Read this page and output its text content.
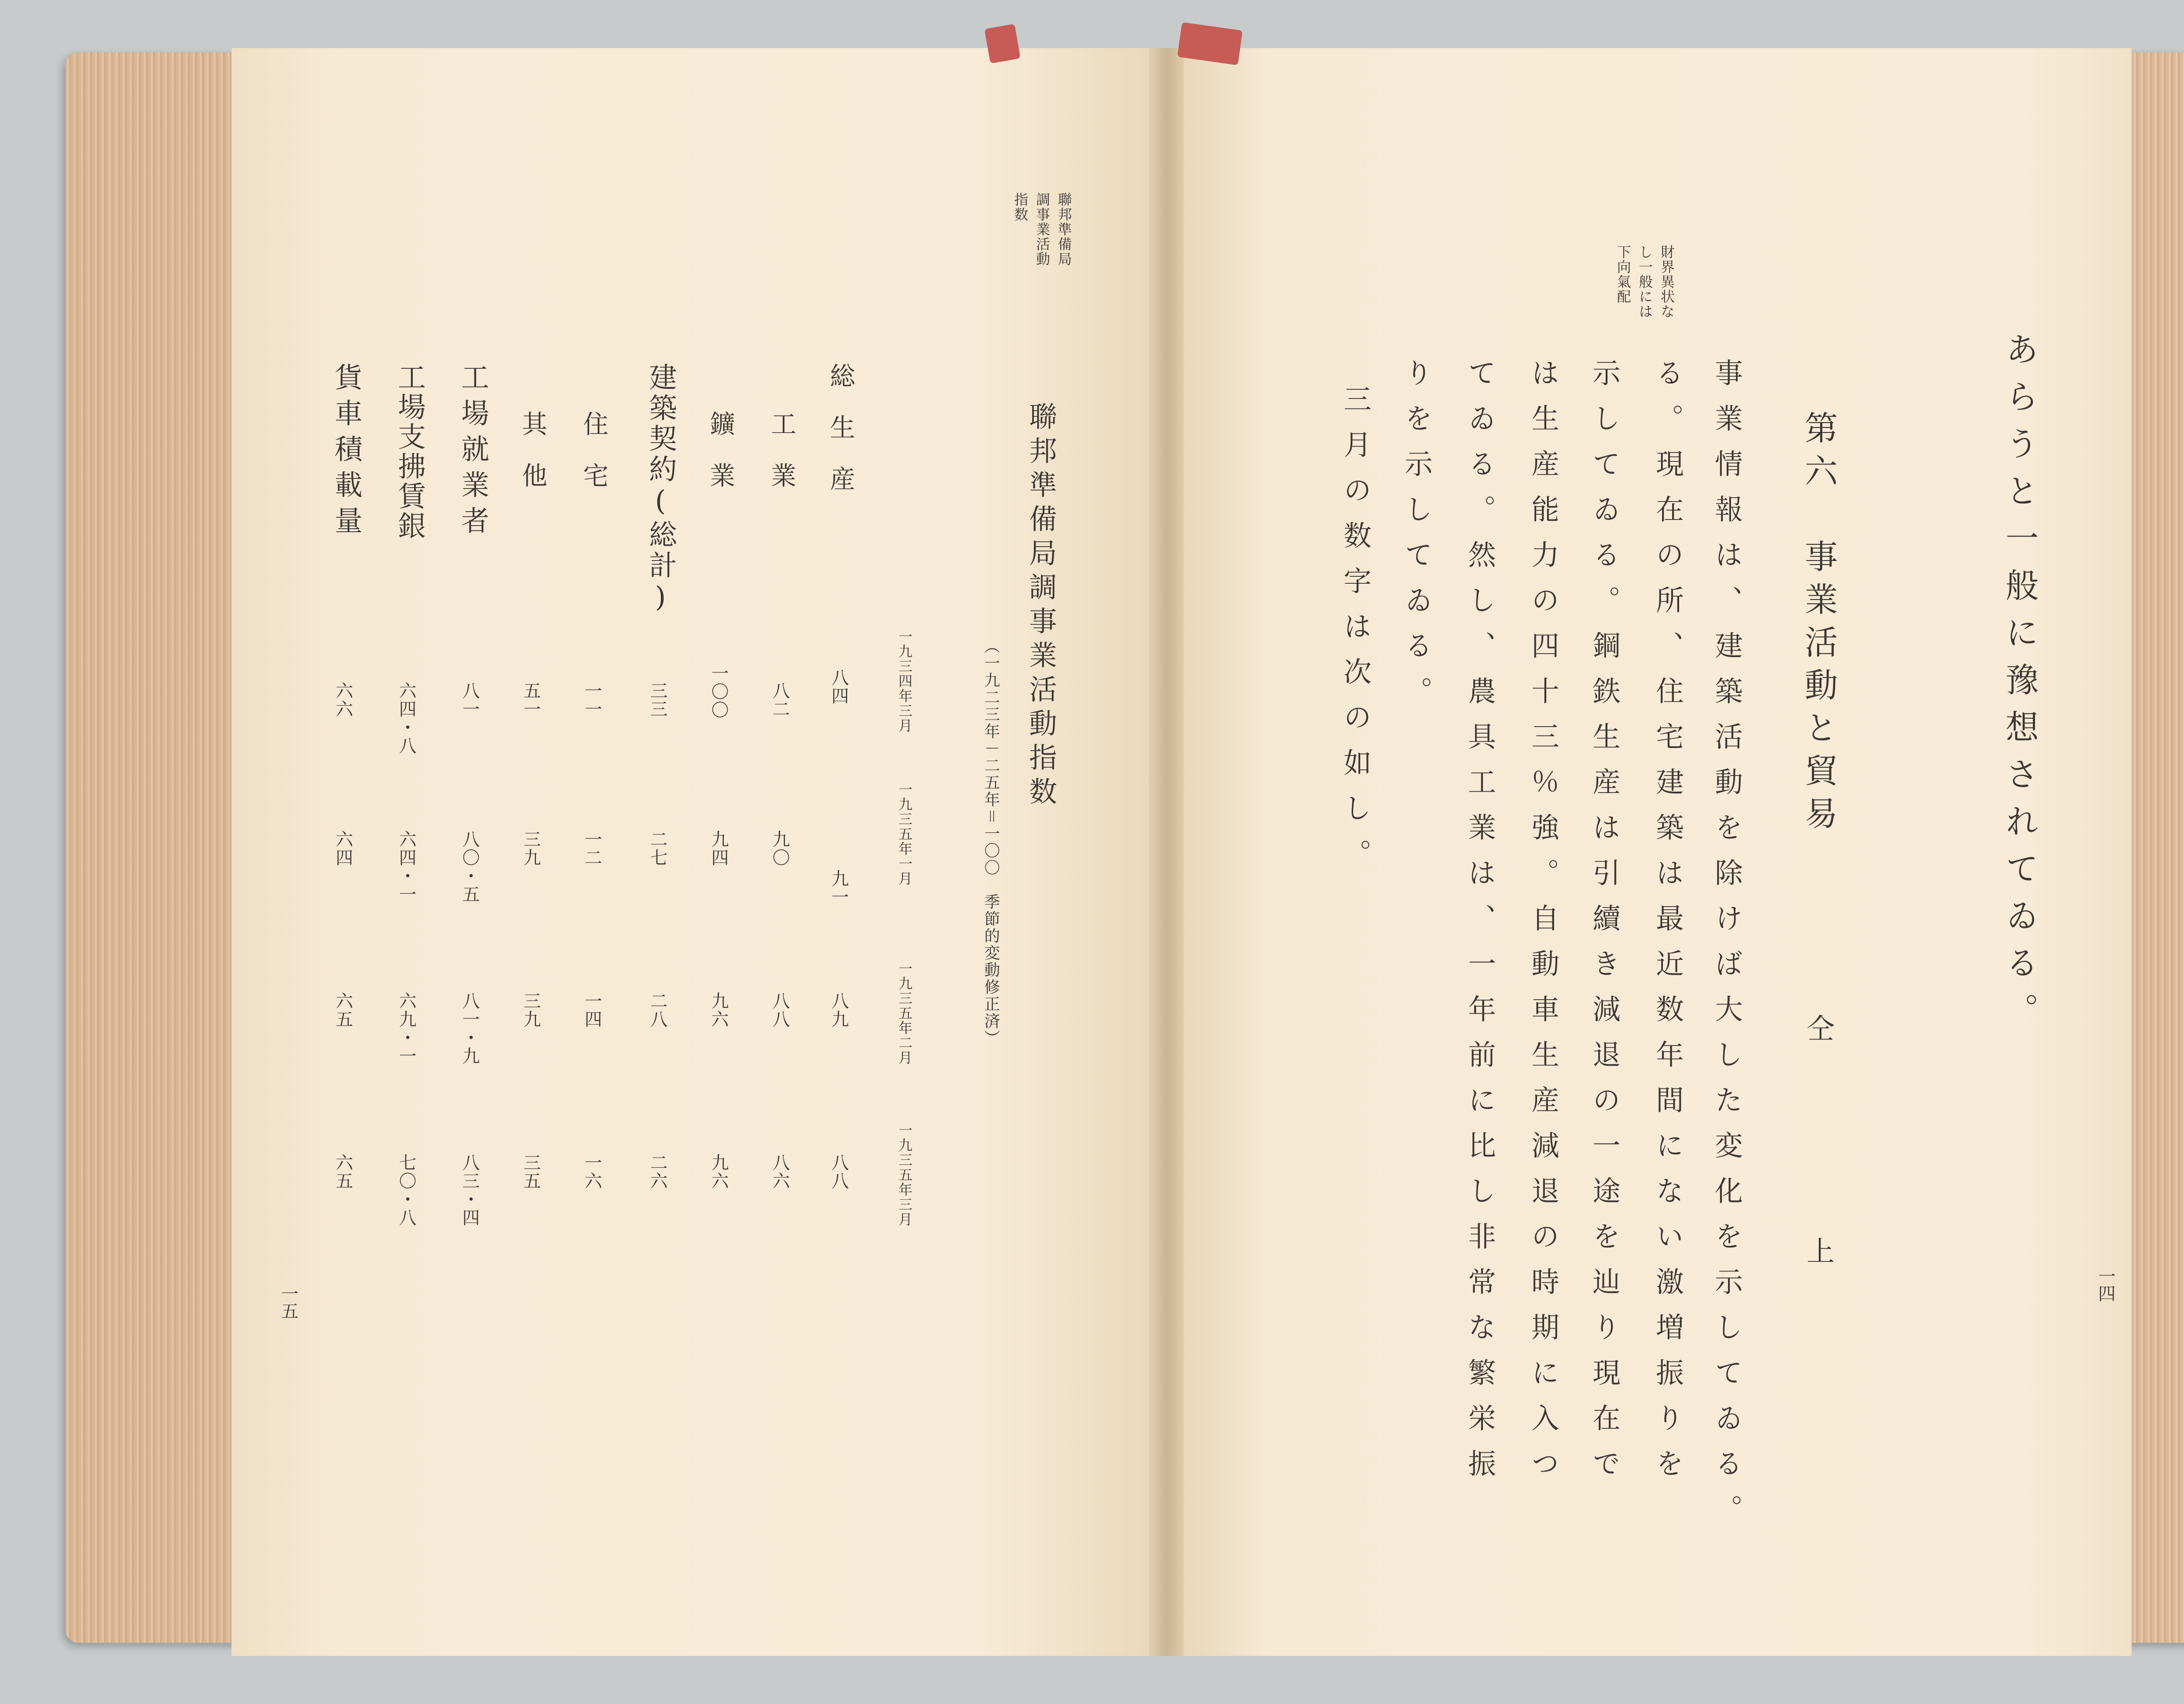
聯邦準備局
調事業活動
指数
聯邦準備局調事業活動指数
（一九二三年－二五年＝一〇〇　季節的変動修正済）
一九三四年三月
一九三五年一月
一九三五年二月
一九三五年三月
総生産
八四
九一
八九
八八
工業
八二
九〇
八八
八六
鑛業
一〇〇
九四
九六
九六
建築契約(総計)
三三
二七
二八
二六
住宅
一一
一二
一四
一六
其他
五一
三九
三九
三五
工場就業者
八一
八〇・五
八一・九
八三・四
工場支拂賃銀
六四・八
六四・一
六九・一
七〇・八
貨車積載量
六六
六四
六五
六五
一五
あらうと一般に豫想されてゐる。
第六　事業活動と貿易
仝
上
財界異状な
し一般には
下向氣配
事業情報は、建築活動を除けば大した変化を示してゐる。
る。現在の所、住宅建築は最近数年間にない激増振りを
示してゐる。鋼鉄生産は引續き減退の一途を辿り現在で
は生産能力の四十三％強。自動車生産減退の時期に入つ
てゐる。然し、農具工業は、一年前に比し非常な繁栄振
りを示してゐる。
三月の数字は次の如し。
一四
